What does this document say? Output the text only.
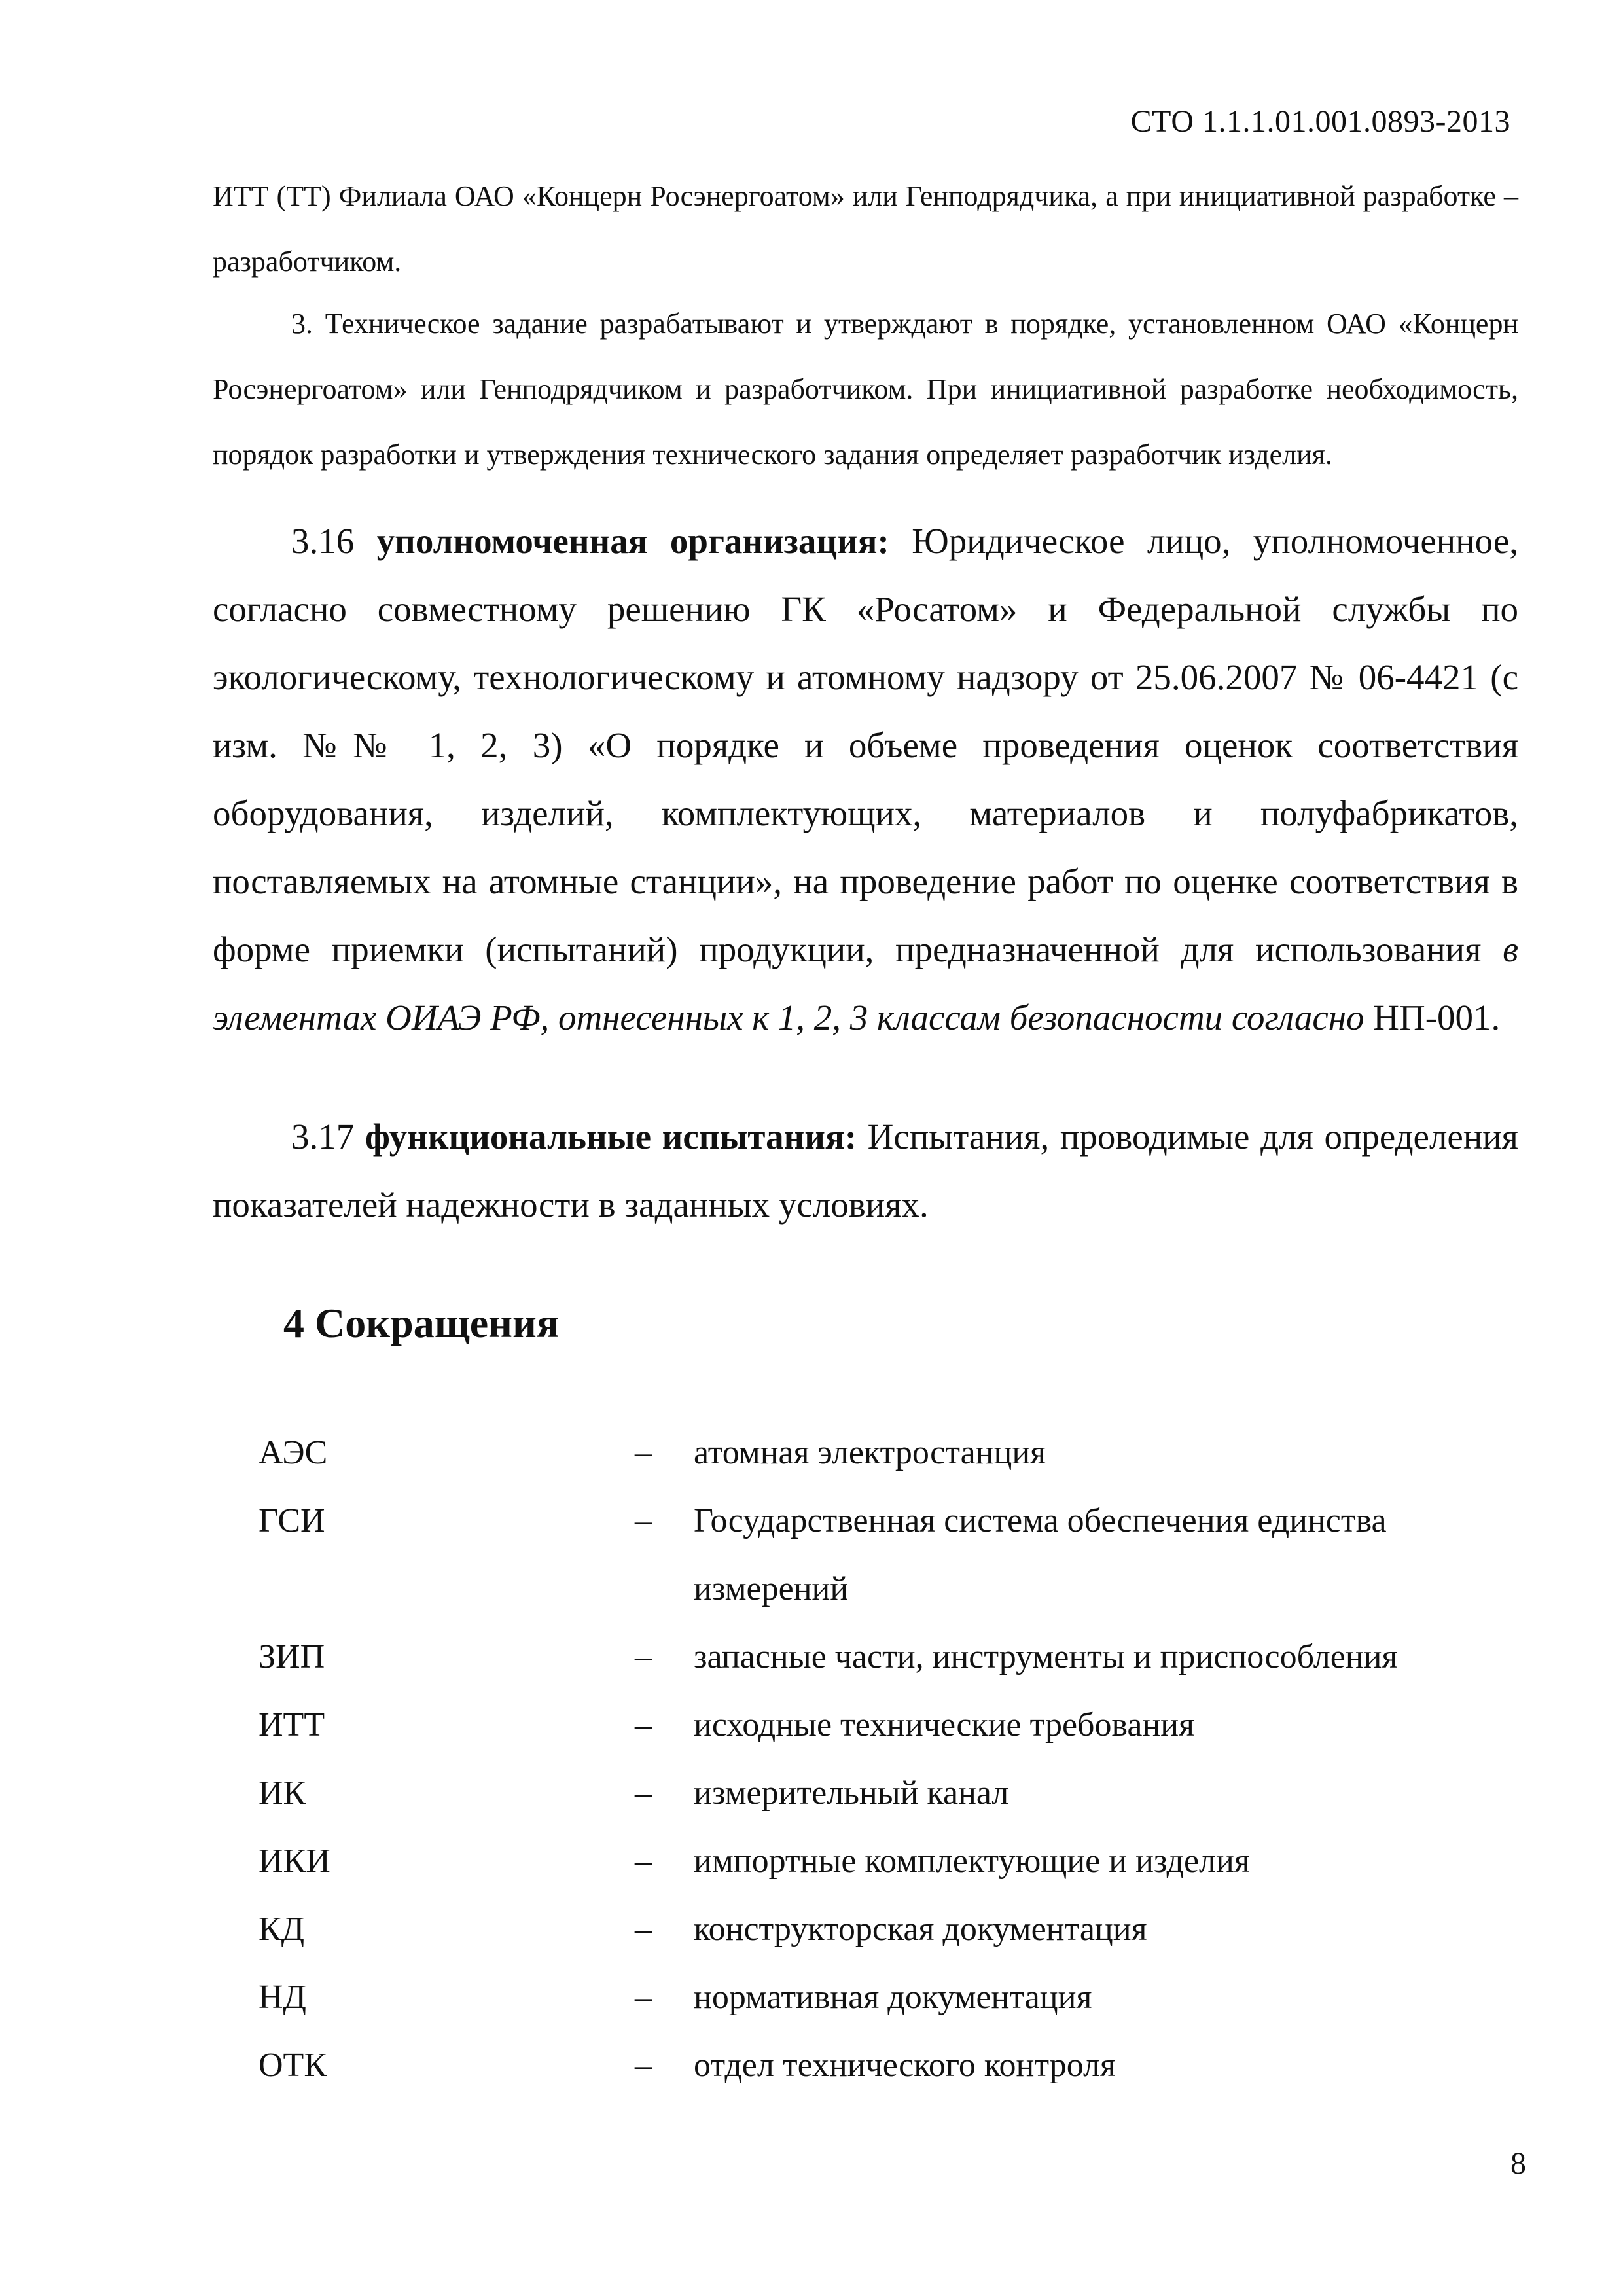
СТО 1.1.1.01.001.0893-2013

ИТТ (ТТ) Филиала ОАО «Концерн Росэнергоатом» или Генподрядчика, а при инициативной разработке – разработчиком.

3. Техническое задание разрабатывают и утверждают в порядке, установленном ОАО «Концерн Росэнергоатом» или Генподрядчиком и разработчиком. При инициативной разработке необходимость, порядок разработки и утверждения технического задания определяет разработчик изделия.

3.16 уполномоченная организация: Юридическое лицо, уполномоченное, согласно совместному решению ГК «Росатом» и Федеральной службы по экологическому, технологическому и атомному надзору от 25.06.2007 № 06-4421 (с изм. №№ 1, 2, 3) «О порядке и объеме проведения оценок соответствия оборудования, изделий, комплектующих, материалов и полуфабрикатов, поставляемых на атомные станции», на проведение работ по оценке соответствия в форме приемки (испытаний) продукции, предназначенной для использования в элементах ОИАЭ РФ, отнесенных к 1, 2, 3 классам безопасности согласно НП-001.

3.17 функциональные испытания: Испытания, проводимые для определения показателей надежности в заданных условиях.

4 Сокращения
АЭС	–	атомная электростанция
ГСИ	–	Государственная система обеспечения единства измерений
ЗИП	–	запасные части, инструменты и приспособления
ИТТ	–	исходные технические требования
ИК	–	измерительный канал
ИКИ	–	импортные комплектующие и изделия
КД	–	конструкторская документация
НД	–	нормативная документация
ОТК	–	отдел технического контроля
8
